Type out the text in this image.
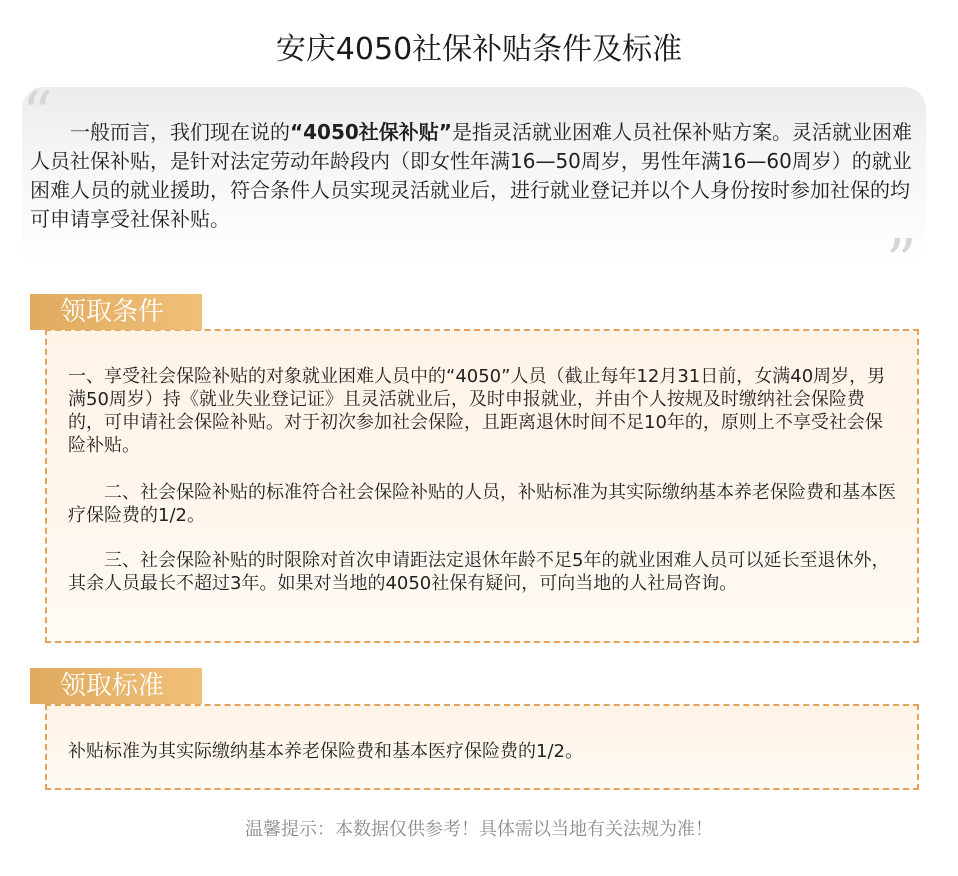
安庆4050社保补贴条件及标准
“
”

一般而言，我们现在说的“4050社保补贴”是指灵活就业困难人员社保补贴方案。灵活就业困难人员社保补贴，是针对法定劳动年龄段内（即女性年满16—50周岁，男性年满16—60周岁）的就业困难人员的就业援助，符合条件人员实现灵活就业后，进行就业登记并以个人身份按时参加社保的均可申请享受社保补贴。

一、享受社会保险补贴的对象就业困难人员中的“4050”人员（截止每年12月31日前，女满40周岁，男满50周岁）持《就业失业登记证》且灵活就业后，及时申报就业，并由个人按规及时缴纳社会保险费的，可申请社会保险补贴。对于初次参加社会保险，且距离退休时间不足10年的，原则上不享受社会保险补贴。

二、社会保险补贴的标准符合社会保险补贴的人员，补贴标准为其实际缴纳基本养老保险费和基本医疗保险费的1/2。

三、社会保险补贴的时限除对首次申请距法定退休年龄不足5年的就业困难人员可以延长至退休外，其余人员最长不超过3年。如果对当地的4050社保有疑问，可向当地的人社局咨询。

领取条件

补贴标准为其实际缴纳基本养老保险费和基本医疗保险费的1/2。

领取标准
温馨提示：本数据仅供参考！具体需以当地有关法规为准！
